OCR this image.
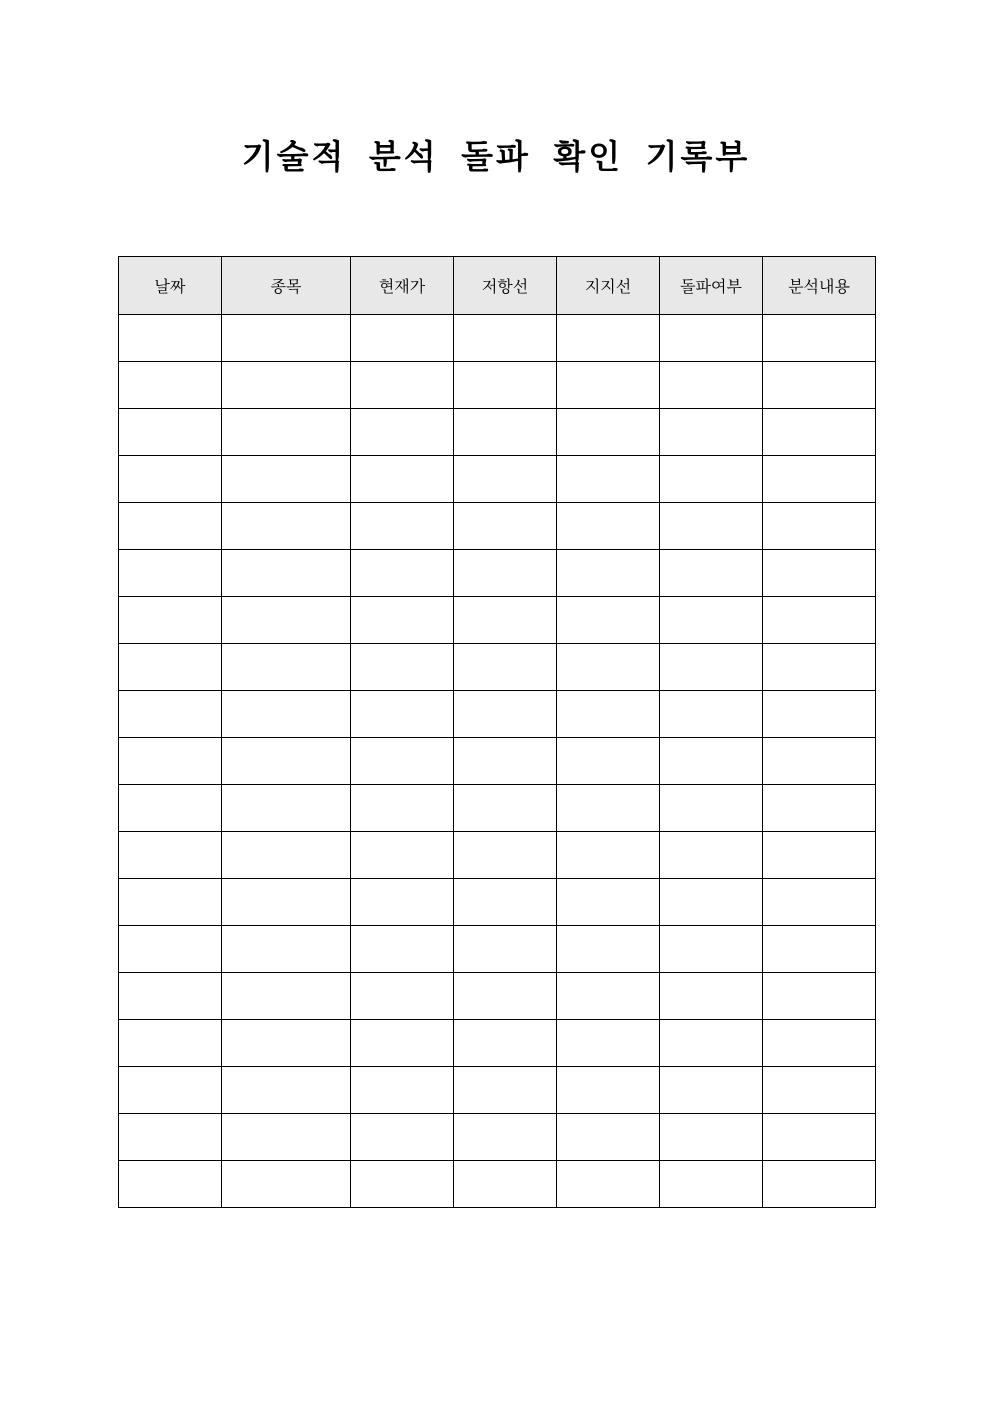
기술적 분석 돌파 확인 기록부
날짜	종목	현재가	저항선	지지선	돌파여부	분석내용
